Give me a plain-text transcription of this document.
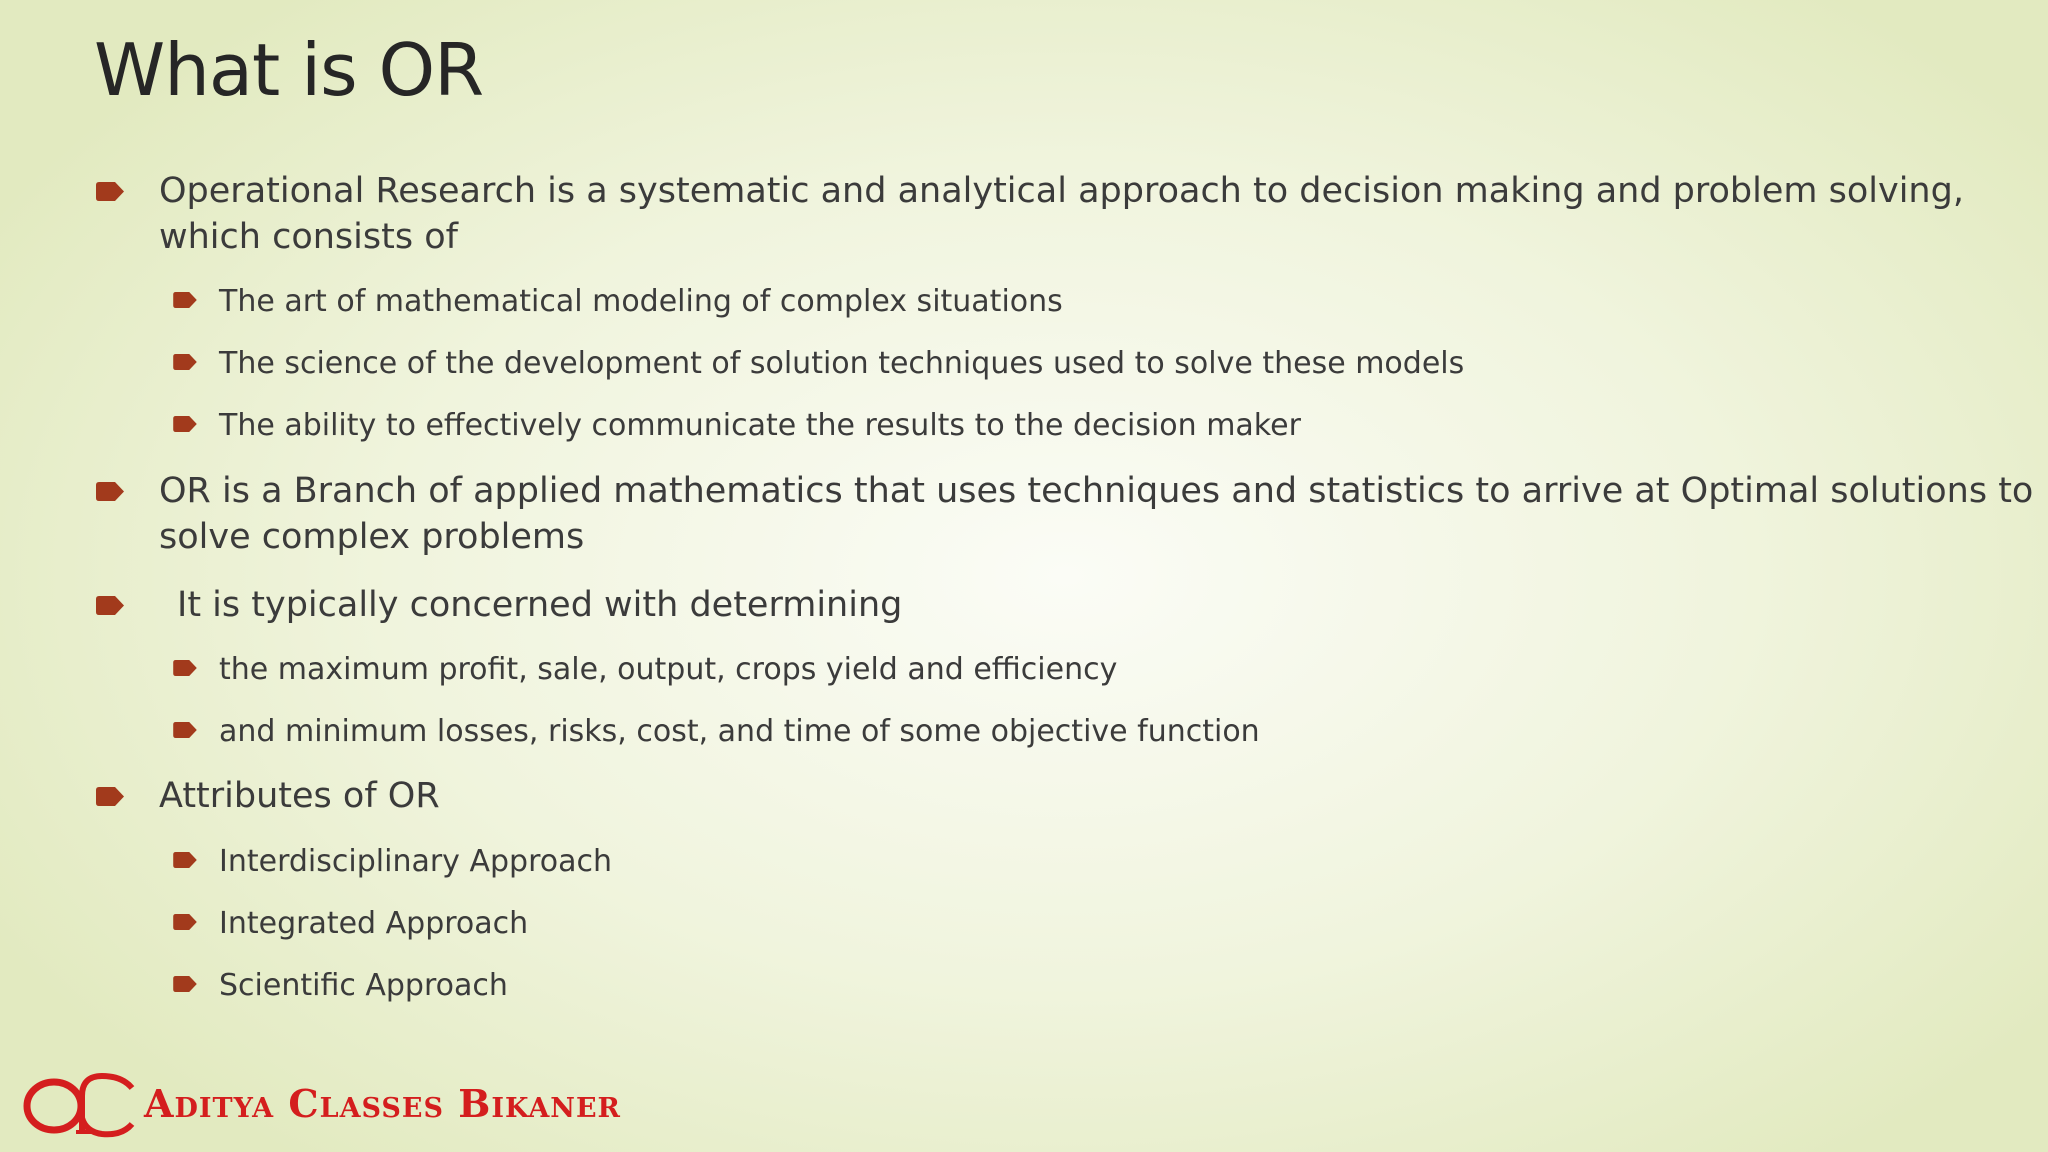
What is OR
Operational Research is a systematic and analytical approach to decision making and problem solving,
which consists of
The art of mathematical modeling of complex situations
The science of the development of solution techniques used to solve these models
The ability to effectively communicate the results to the decision maker
OR is a Branch of applied mathematics that uses techniques and statistics to arrive at Optimal solutions to
solve complex problems
It is typically concerned with determining
the maximum profit, sale, output, crops yield and efficiency
and minimum losses, risks, cost, and time of some objective function
Attributes of OR
Interdisciplinary Approach
Integrated Approach
Scientific Approach
Aditya Classes Bikaner
